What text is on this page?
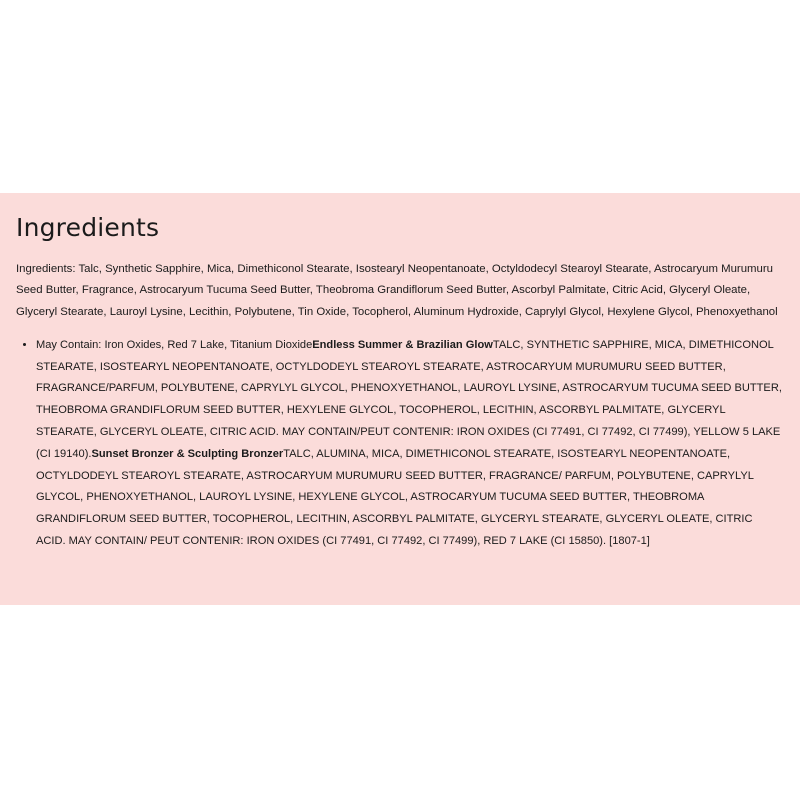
Ingredients

Ingredients: Talc, Synthetic Sapphire, Mica, Dimethiconol Stearate, Isostearyl Neopentanoate, Octyldodecyl Stearoyl Stearate, Astrocaryum Murumuru Seed Butter, Fragrance, Astrocaryum Tucuma Seed Butter, Theobroma Grandiflorum Seed Butter, Ascorbyl Palmitate, Citric Acid, Glyceryl Oleate, Glyceryl Stearate, Lauroyl Lysine, Lecithin, Polybutene, Tin Oxide, Tocopherol, Aluminum Hydroxide, Caprylyl Glycol, Hexylene Glycol, Phenoxyethanol

• May Contain: Iron Oxides, Red 7 Lake, Titanium DioxideEndless Summer & Brazilian GlowTALC, SYNTHETIC SAPPHIRE, MICA, DIMETHICONOL STEARATE, ISOSTEARYL NEOPENTANOATE, OCTYLDODEYL STEAROYL STEARATE, ASTROCARYUM MURUMURU SEED BUTTER, FRAGRANCE/PARFUM, POLYBUTENE, CAPRYLYL GLYCOL, PHENOXYETHANOL, LAUROYL LYSINE, ASTROCARYUM TUCUMA SEED BUTTER, THEOBROMA GRANDIFLORUM SEED BUTTER, HEXYLENE GLYCOL, TOCOPHEROL, LECITHIN, ASCORBYL PALMITATE, GLYCERYL STEARATE, GLYCERYL OLEATE, CITRIC ACID. MAY CONTAIN/PEUT CONTENIR: IRON OXIDES (CI 77491, CI 77492, CI 77499), YELLOW 5 LAKE (CI 19140).Sunset Bronzer & Sculpting BronzerTALC, ALUMINA, MICA, DIMETHICONOL STEARATE, ISOSTEARYL NEOPENTANOATE, OCTYLDODEYL STEAROYL STEARATE, ASTROCARYUM MURUMURU SEED BUTTER, FRAGRANCE/ PARFUM, POLYBUTENE, CAPRYLYL GLYCOL, PHENOXYETHANOL, LAUROYL LYSINE, HEXYLENE GLYCOL, ASTROCARYUM TUCUMA SEED BUTTER, THEOBROMA GRANDIFLORUM SEED BUTTER, TOCOPHEROL, LECITHIN, ASCORBYL PALMITATE, GLYCERYL STEARATE, GLYCERYL OLEATE, CITRIC ACID. MAY CONTAIN/ PEUT CONTENIR: IRON OXIDES (CI 77491, CI 77492, CI 77499), RED 7 LAKE (CI 15850). [1807-1]
